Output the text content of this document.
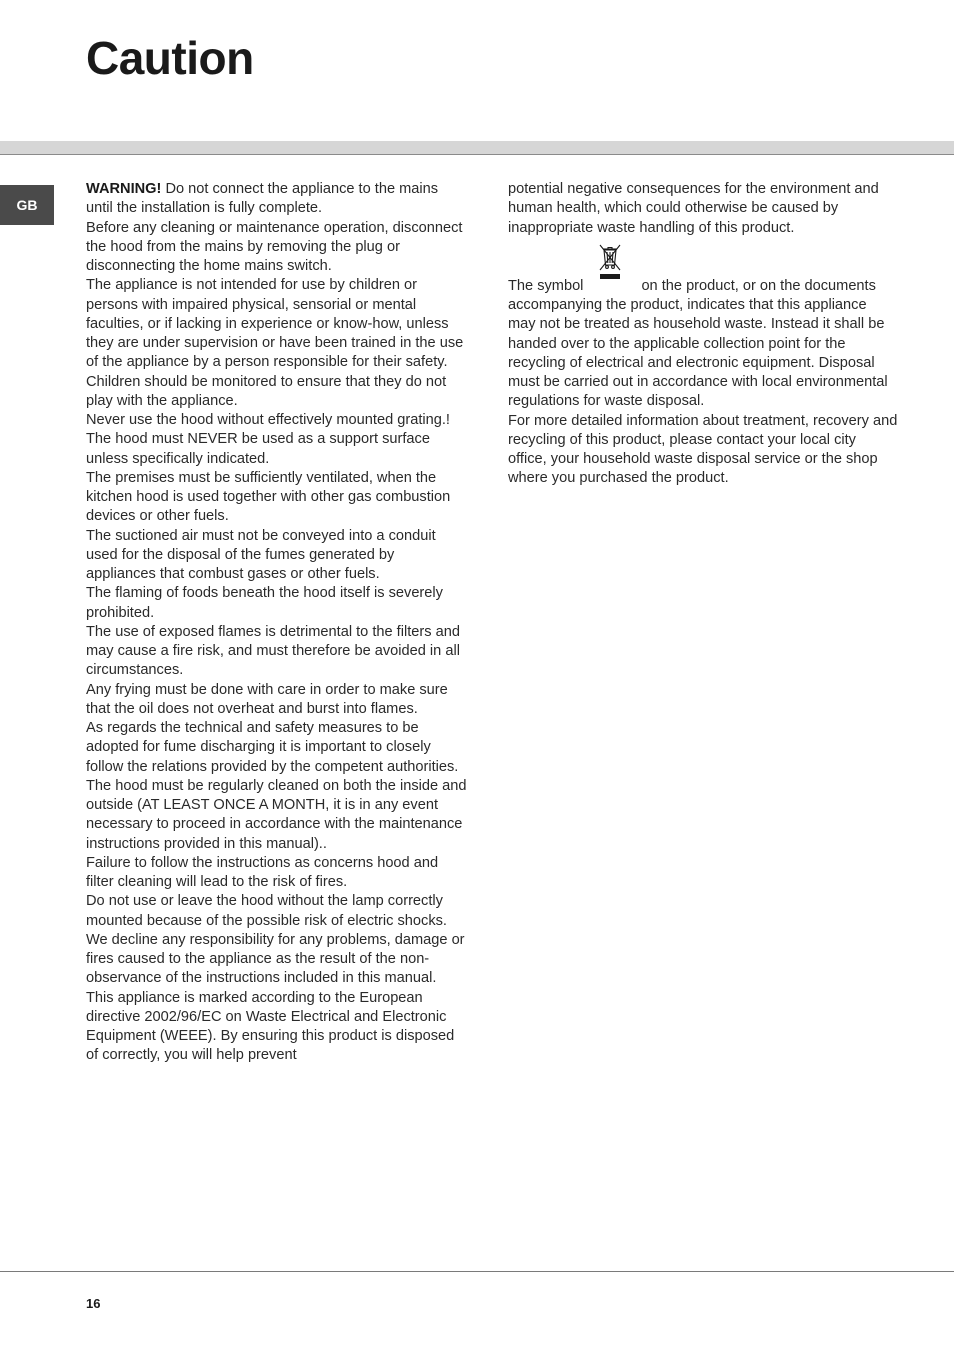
Caution
GB

WARNING! Do not connect the appliance to the mains until the installation is fully complete.

Before any cleaning or maintenance operation, disconnect the hood from the mains by removing the plug or disconnecting the home mains switch.

The appliance is not intended for use by children or persons with impaired physical, sensorial or mental faculties, or if lacking in experience or know-how, unless they are under supervision or have been trained in the use of the appliance by a person responsible for their safety.

Children should be monitored to ensure that they do not play with the appliance.

Never use the hood without effectively mounted grating.!

The hood must NEVER be used as a support surface unless specifically indicated.

The premises must be sufficiently ventilated, when the kitchen hood is used together with other gas combustion devices or other fuels.

The suctioned air must not be conveyed into a conduit used for the disposal of the fumes generated by appliances that combust gases or other fuels.

The flaming of foods beneath the hood itself is severely prohibited.

The use of exposed flames is detrimental to the filters and may cause a fire risk, and must therefore be avoided in all circumstances.

Any frying must be done with care in order to make sure that the oil does not overheat and burst into flames.

As regards the technical and safety measures to be adopted for fume discharging it is important to closely follow the relations provided by the competent authorities.

The hood must be regularly cleaned on both the inside and outside (AT LEAST ONCE A MONTH, it is in any event necessary to proceed in accordance with the maintenance instructions provided in this manual)..

Failure to follow the instructions as concerns hood and filter cleaning will lead to the risk of fires.

Do not use or leave the hood without the lamp correctly mounted because of the possible risk of electric shocks.

We decline any responsibility for any problems, damage or fires caused to the appliance as the result of the non-observance of the instructions included in this manual.

This appliance is marked according to the European directive 2002/96/EC on Waste Electrical and Electronic Equipment (WEEE). By ensuring this product is disposed of correctly, you will help prevent

potential negative consequences for the environment and human health, which could otherwise be caused by inappropriate waste handling of this product.

The symbol	on the product, or on the documents accompanying the product, indicates that this appliance may not be treated as household waste. Instead it shall be handed over to the applicable collection point for the recycling of electrical and electronic equipment. Disposal must be carried out in accordance with local environmental regulations for waste disposal.

For more detailed information about treatment, recovery and recycling of this product, please contact your local city office, your household waste disposal service or the shop where you purchased the product.

16
